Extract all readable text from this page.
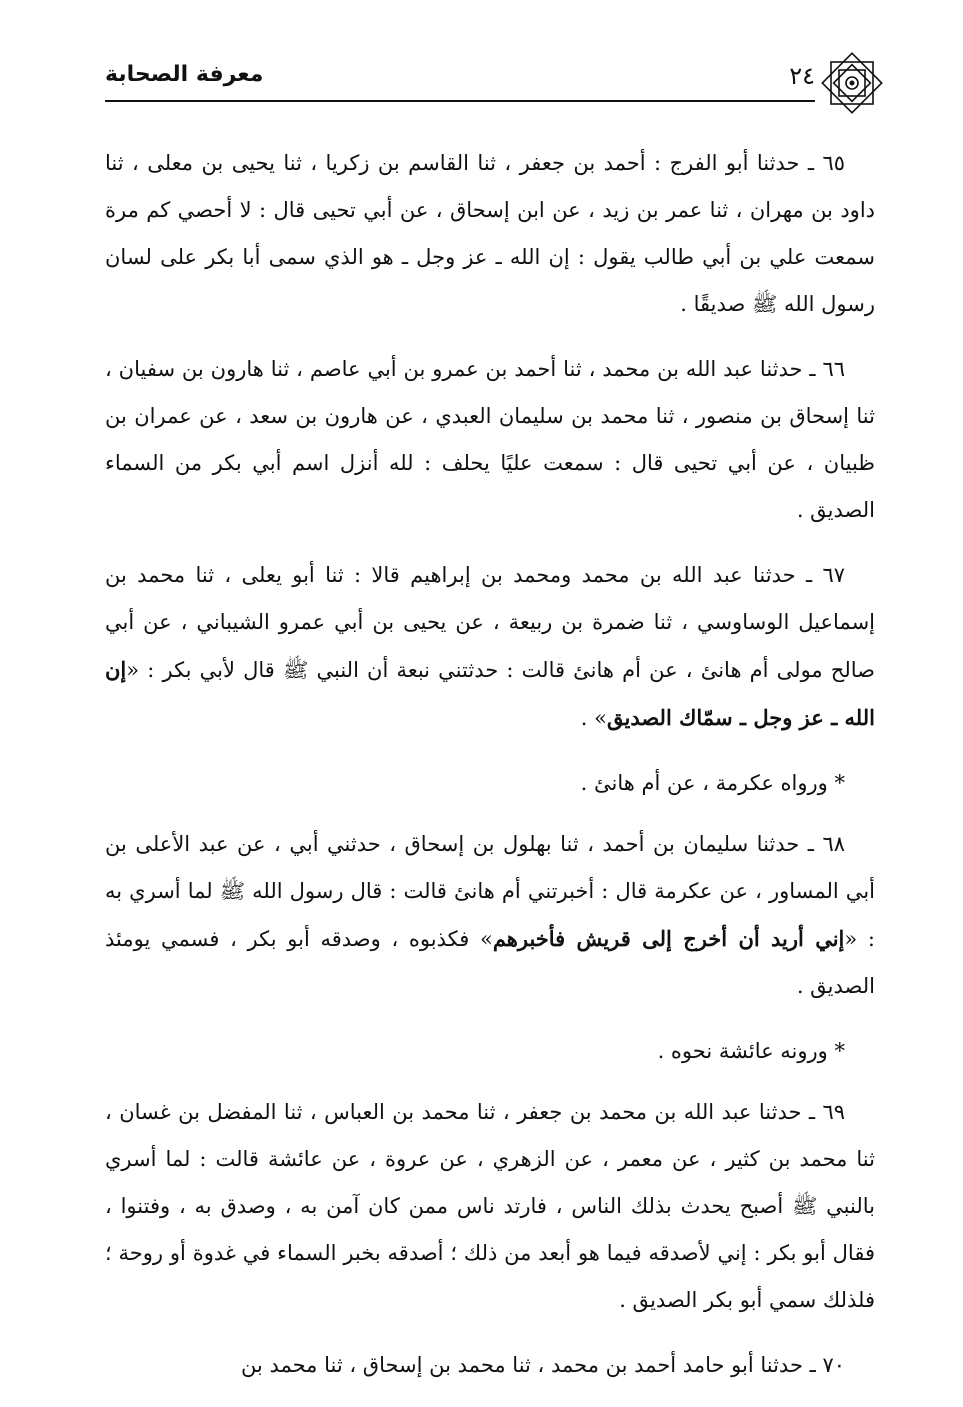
معرفة الصحابة	٢٤

٦٥ ـ حدثنا أبو الفرج : أحمد بن جعفر ، ثنا القاسم بن زكريا ، ثنا يحيى بن معلى ، ثنا داود بن مهران ، ثنا عمر بن زيد ، عن ابن إسحاق ، عن أبي تحيى قال : لا أحصي كم مرة سمعت علي بن أبي طالب يقول : إن الله ـ عز وجل ـ هو الذي سمى أبا بكر على لسان رسول الله ﷺ صديقًا .

٦٦ ـ حدثنا عبد الله بن محمد ، ثنا أحمد بن عمرو بن أبي عاصم ، ثنا هارون بن سفيان ، ثنا إسحاق بن منصور ، ثنا محمد بن سليمان العبدي ، عن هارون بن سعد ، عن عمران بن ظبيان ، عن أبي تحيى قال : سمعت عليًا يحلف : لله أنزل اسم أبي بكر من السماء الصديق .

٦٧ ـ حدثنا عبد الله بن محمد ومحمد بن إبراهيم قالا : ثنا أبو يعلى ، ثنا محمد بن إسماعيل الوساوسي ، ثنا ضمرة بن ربيعة ، عن يحيى بن أبي عمرو الشيباني ، عن أبي صالح مولى أم هانئ ، عن أم هانئ قالت : حدثتني نبعة أن النبي ﷺ قال لأبي بكر : «إن الله ـ عز وجل ـ سمّاك الصديق» .

* ورواه عكرمة ، عن أم هانئ .

٦٨ ـ حدثنا سليمان بن أحمد ، ثنا بهلول بن إسحاق ، حدثني أبي ، عن عبد الأعلى بن أبي المساور ، عن عكرمة قال : أخبرتني أم هانئ قالت : قال رسول الله ﷺ لما أسري به : «إني أريد أن أخرج إلى قريش فأخبرهم» فكذبوه ، وصدقه أبو بكر ، فسمي يومئذ الصديق .

* ورونه عائشة نحوه .

٦٩ ـ حدثنا عبد الله بن محمد بن جعفر ، ثنا محمد بن العباس ، ثنا المفضل بن غسان ، ثنا محمد بن كثير ، عن معمر ، عن الزهري ، عن عروة ، عن عائشة قالت : لما أسري بالنبي ﷺ أصبح يحدث بذلك الناس ، فارتد ناس ممن كان آمن به ، وصدق به ، وفتنوا ، فقال أبو بكر : إني لأصدقه فيما هو أبعد من ذلك ؛ أصدقه بخبر السماء في غدوة أو روحة ؛ فلذلك سمي أبو بكر الصديق .

٧٠ ـ حدثنا أبو حامد أحمد بن محمد ، ثنا محمد بن إسحاق ، ثنا محمد بن
